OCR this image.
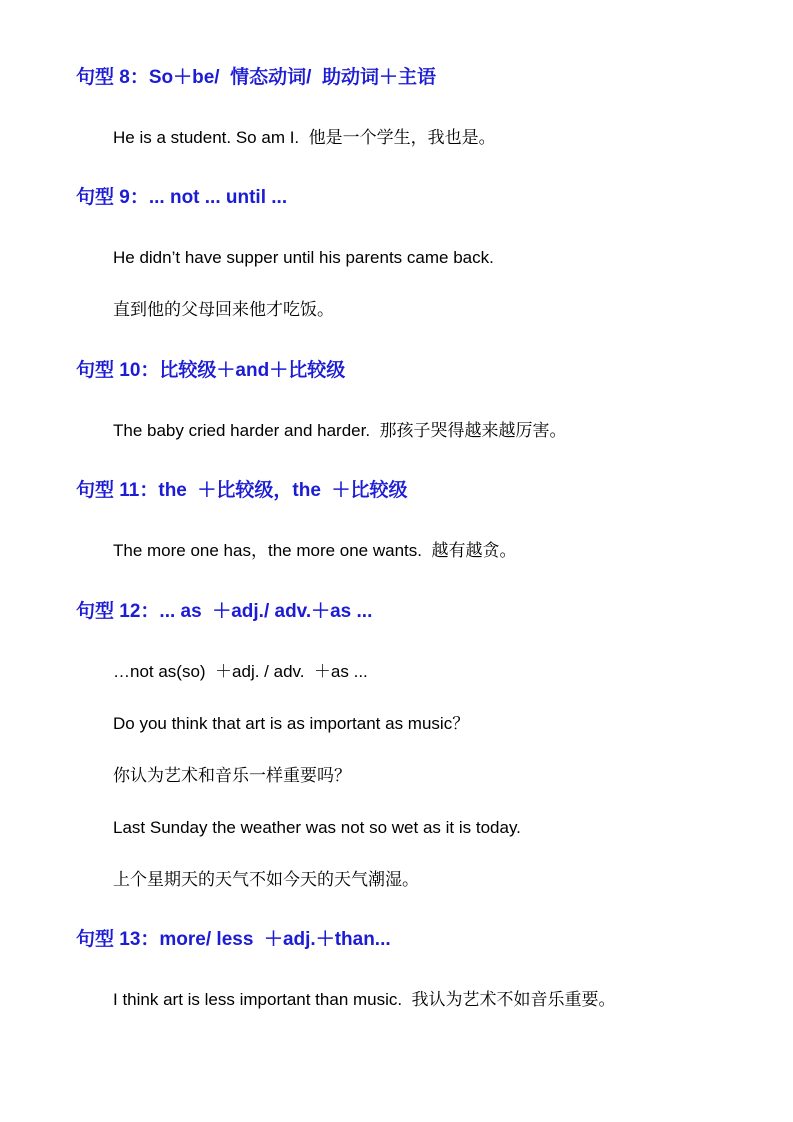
句型 8：So＋be/  情态动词/  助动词＋主语
He is a student. So am I.  他是一个学生，我也是。
句型 9：... not ... until ...
He didn’t have supper until his parents came back.
直到他的父母回来他才吃饭。
句型 10：比较级＋and＋比较级
The baby cried harder and harder.  那孩子哭得越来越厉害。
句型 11：the  ＋比较级，the  ＋比较级
The more one has，the more one wants.  越有越贪。
句型 12：... as  ＋adj./ adv.＋as ...
…not as(so)  ＋adj. / adv.  ＋as ...
Do you think that art is as important as music？
你认为艺术和音乐一样重要吗？
Last Sunday the weather was not so wet as it is today.
上个星期天的天气不如今天的天气潮湿。
句型 13：more/ less  ＋adj.＋than...
I think art is less important than music.  我认为艺术不如音乐重要。
